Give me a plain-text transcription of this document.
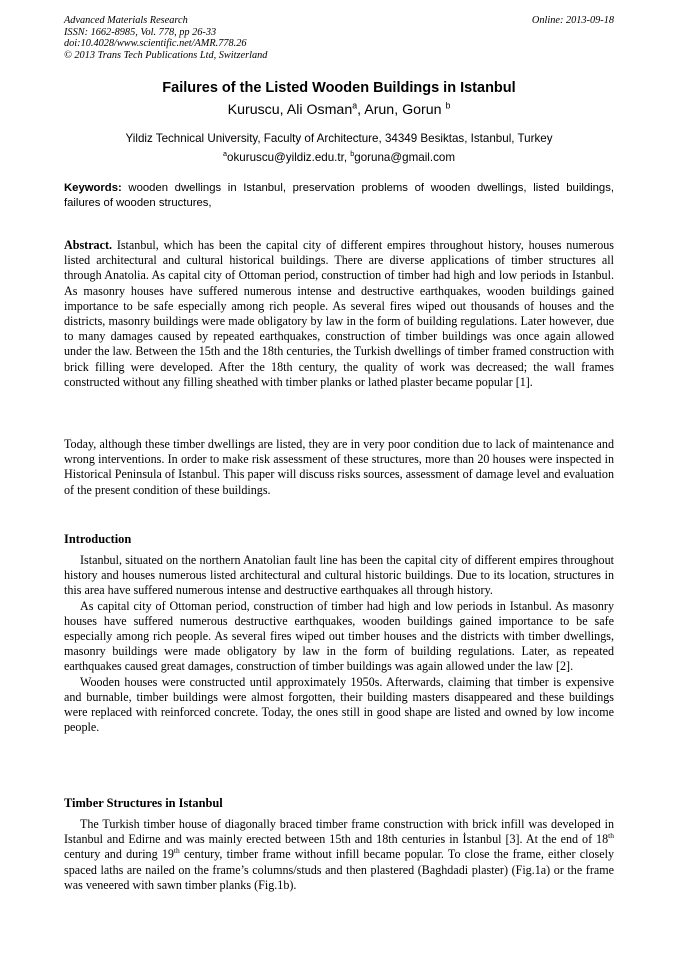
Advanced Materials Research
ISSN: 1662-8985, Vol. 778, pp 26-33
doi:10.4028/www.scientific.net/AMR.778.26
© 2013 Trans Tech Publications Ltd, Switzerland
Online: 2013-09-18
Failures of the Listed Wooden Buildings in Istanbul
Kuruscu, Ali Osman$^a$, Arun, Gorun $^b$
Yildiz Technical University, Faculty of Architecture, 34349 Besiktas, Istanbul, Turkey
$^a$okuruscu@yildiz.edu.tr, $^b$goruna@gmail.com
Keywords: wooden dwellings in Istanbul, preservation problems of wooden dwellings, listed buildings, failures of wooden structures,
Abstract. Istanbul, which has been the capital city of different empires throughout history, houses numerous listed architectural and cultural historical buildings. There are diverse applications of timber structures all through Anatolia. As capital city of Ottoman period, construction of timber had high and low periods in Istanbul. As masonry houses have suffered numerous intense and destructive earthquakes, wooden buildings gained importance to be safe especially among rich people. As several fires wiped out thousands of houses and the districts, masonry buildings were made obligatory by law in the form of building regulations. Later however, due to many damages caused by repeated earthquakes, construction of timber buildings was once again allowed under the law. Between the 15th and the 18th centuries, the Turkish dwellings of timber framed construction with brick filling were developed. After the 18th century, the quality of work was decreased; the wall frames constructed without any filling sheathed with timber planks or lathed plaster became popular [1].
Today, although these timber dwellings are listed, they are in very poor condition due to lack of maintenance and wrong interventions. In order to make risk assessment of these structures, more than 20 houses were inspected in Historical Peninsula of Istanbul. This paper will discuss risks sources, assessment of damage level and evaluation of the present condition of these buildings.
Introduction

Istanbul, situated on the northern Anatolian fault line has been the capital city of different empires throughout history and houses numerous listed architectural and cultural historic buildings. Due to its location, structures in this area have suffered numerous intense and destructive earthquakes all through history.

As capital city of Ottoman period, construction of timber had high and low periods in Istanbul. As masonry houses have suffered numerous destructive earthquakes, wooden buildings gained importance to be safe especially among rich people. As several fires wiped out timber houses and the districts with timber dwellings, masonry buildings were made obligatory by law in the form of building regulations. Later, as repeated earthquakes caused great damages, construction of timber buildings was again allowed under the law [2].

Wooden houses were constructed until approximately 1950s. Afterwards, claiming that timber is expensive and burnable, timber buildings were almost forgotten, their building masters disappeared and these buildings were replaced with reinforced concrete. Today, the ones still in good shape are listed and owned by low income people.

Timber Structures in Istanbul

The Turkish timber house of diagonally braced timber frame construction with brick infill was developed in Istanbul and Edirne and was mainly erected between 15th and 18th centuries in İstanbul [3]. At the end of 18th century and during 19th century, timber frame without infill became popular. To close the frame, either closely spaced laths are nailed on the frame’s columns/studs and then plastered (Baghdadi plaster) (Fig.1a) or the frame was veneered with sawn timber planks (Fig.1b).
